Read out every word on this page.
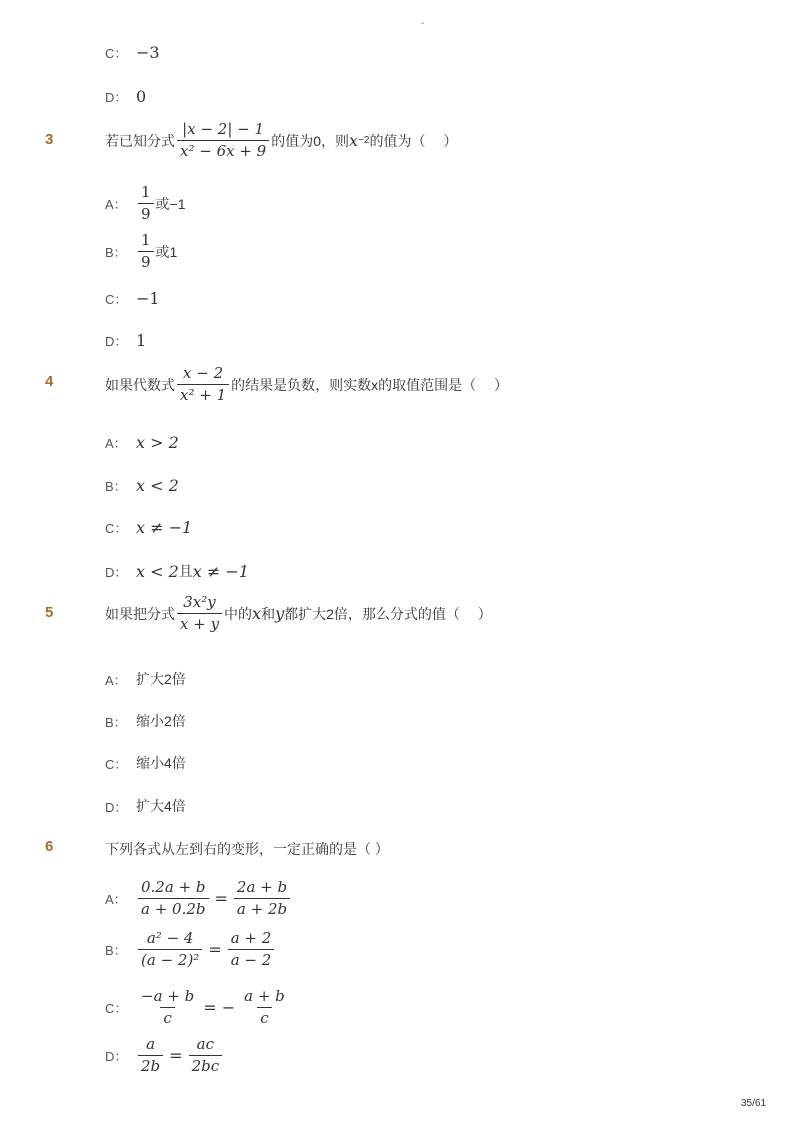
-
C： −3
D： 0
3	若已知分式 $\frac{|x - 2| - 1}{\text{x² − 6x + 9}}$ 的值为0，则 x −2 的值为（　 ）
A： $\frac{1}{9}$ 或−1
B： $\frac{1}{9}$ 或1
C： −1
D： 1
4	如果代数式 $\frac{x - 2}{\text{x² + 1}}$ 的结果是负数，则实数x的取值范围是（　 ）
A： x > 2
B： x < 2
C： x ≠ −1
D： x < 2 且 x ≠ −1
5	如果把分式 $\frac{\text{3x²y}}{x + y}$ 中的 x 和 y 都扩大2倍，那么分式的值（　 ）
A： 扩大2倍
B： 缩小2倍
C： 缩小4倍
D： 扩大4倍
6	下列各式从左到右的变形，一定正确的是（ ）
A： $\frac{0.2a + b}{a + 0.2b} = \frac{2a + b}{a + 2b}$
B： $\frac{\text{a² − 4}}{\text{(a − 2)²}} = \frac{a + 2}{a - 2}$
C： $\frac{-a + b}{c}$ = − $\frac{a + b}{c}$
D： $\frac{a}{2b} = \frac{ac}{2bc}$
35/61
